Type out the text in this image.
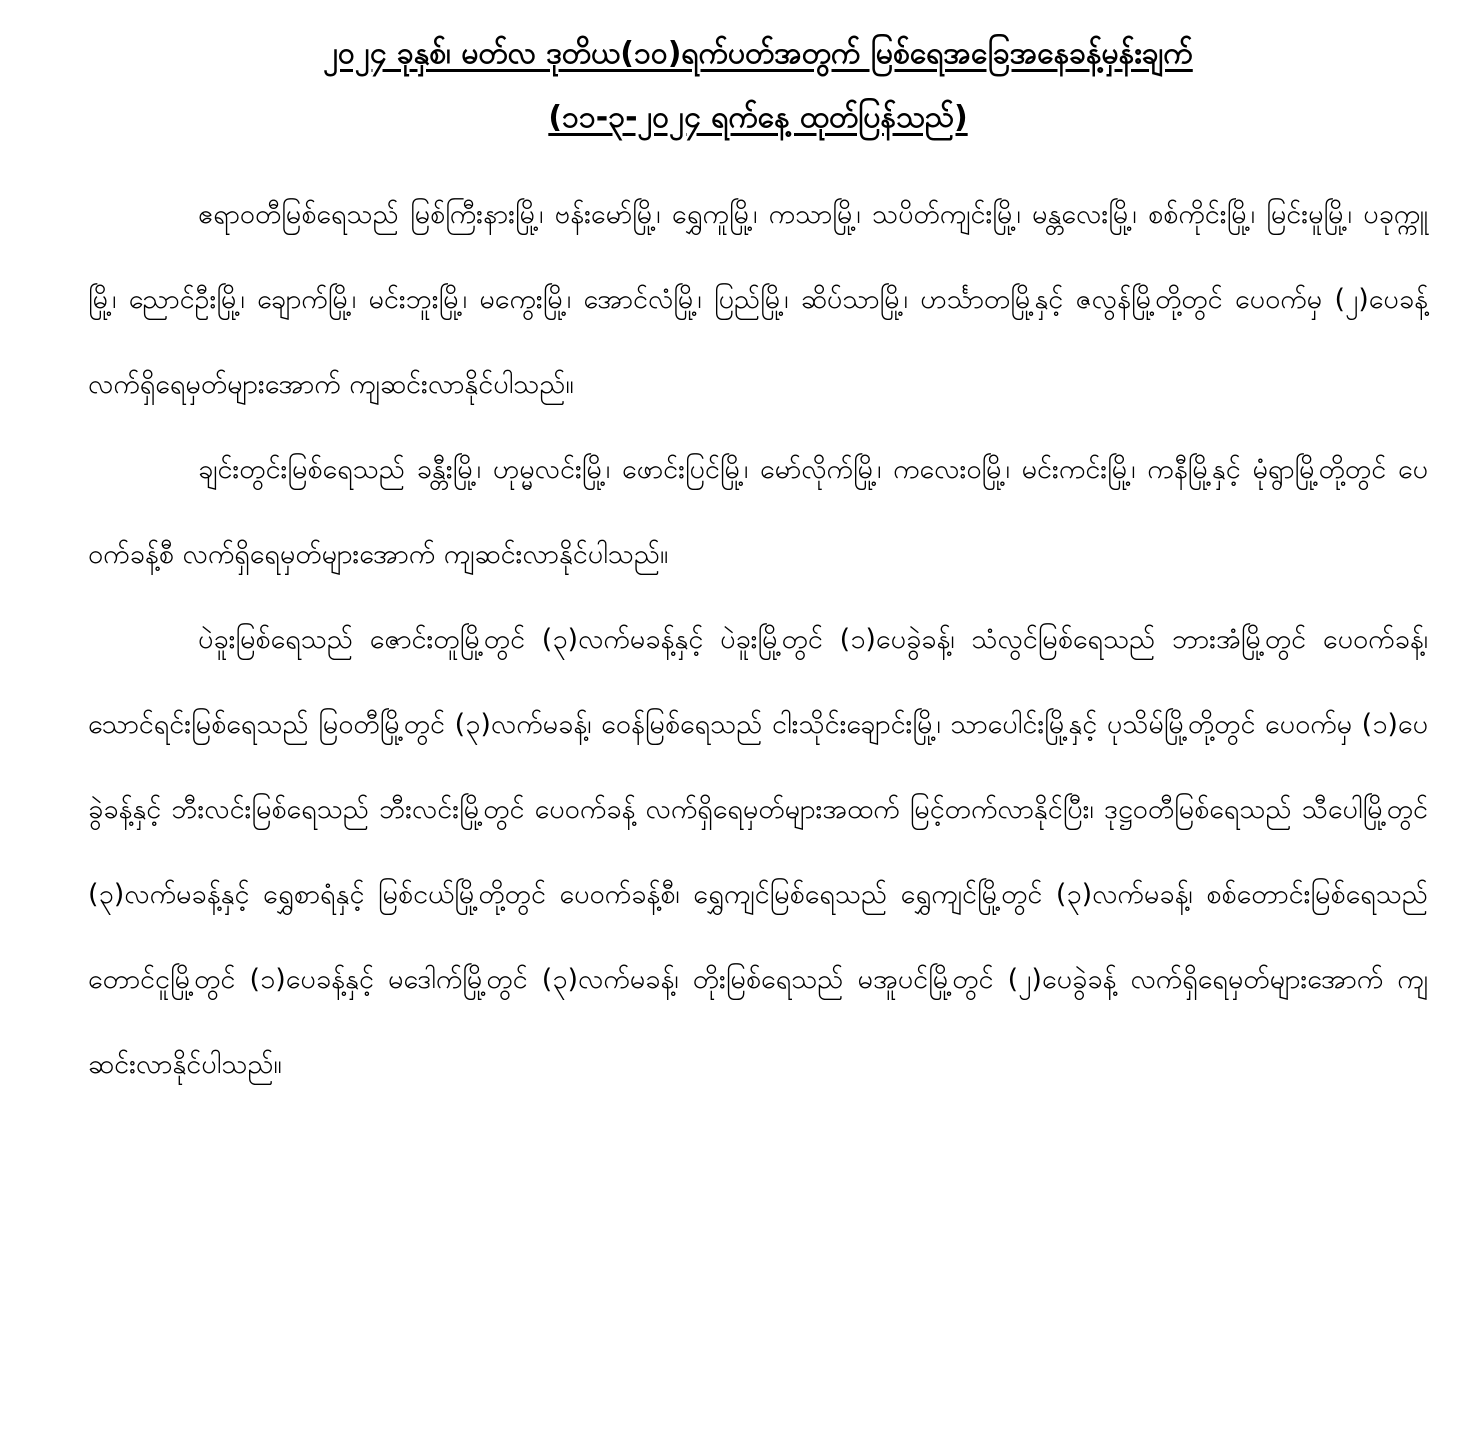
၂၀၂၄ ခုနှစ်၊ မတ်လ ဒုတိယ(၁၀)ရက်ပတ်အတွက် မြစ်ရေအခြေအနေခန့်မှန်းချက်
(၁၁-၃-၂၀၂၄ ရက်နေ့ ထုတ်ပြန်သည်)

ဧရာဝတီမြစ်ရေသည် မြစ်ကြီးနားမြို့၊ ဗန်းမော်မြို့၊ ရွှေကူမြို့၊ ကသာမြို့၊ သပိတ်ကျင်းမြို့၊ မန္တလေးမြို့၊ စစ်ကိုင်းမြို့၊ မြင်းမူမြို့၊ ပခုက္ကူမြို့၊ ညောင်ဦးမြို့၊ ချောက်မြို့၊ မင်းဘူးမြို့၊ မကွေးမြို့၊ အောင်လံမြို့၊ ပြည်မြို့၊ ဆိပ်သာမြို့၊ ဟင်္သာတမြို့နှင့် ဇလွန်မြို့တို့တွင် ပေဝက်မှ (၂)ပေခန့် လက်ရှိရေမှတ်များအောက် ကျဆင်းလာနိုင်ပါသည်။

ချင်းတွင်းမြစ်ရေသည် ခန္တီးမြို့၊ ဟုမ္မလင်းမြို့၊ ဖောင်းပြင်မြို့၊ မော်လိုက်မြို့၊ ကလေးဝမြို့၊ မင်းကင်းမြို့၊ ကနီမြို့နှင့် မုံရွာမြို့တို့တွင် ပေဝက်ခန့်စီ လက်ရှိရေမှတ်များအောက် ကျဆင်းလာနိုင်ပါသည်။

ပဲခူးမြစ်ရေသည် ဇောင်းတူမြို့တွင် (၃)လက်မခန့်နှင့် ပဲခူးမြို့တွင် (၁)ပေခွဲခန့်၊ သံလွင်မြစ်ရေသည် ဘားအံမြို့တွင် ပေဝက်ခန့်၊ သောင်ရင်းမြစ်ရေသည် မြဝတီမြို့တွင် (၃)လက်မခန့်၊ ဝေန်မြစ်ရေသည် ငါးသိုင်းချောင်းမြို့၊ သာပေါင်းမြို့နှင့် ပုသိမ်မြို့တို့တွင် ပေဝက်မှ (၁)ပေခွဲခန့်နှင့် ဘီးလင်းမြစ်ရေသည် ဘီးလင်းမြို့တွင် ပေဝက်ခန့် လက်ရှိရေမှတ်များအထက် မြင့်တက်လာနိုင်ပြီး၊ ဒုဋ္ဌဝတီမြစ်ရေသည် သီပေါမြို့တွင် (၃)လက်မခန့်နှင့် ရွှေစာရံနှင့် မြစ်ငယ်မြို့တို့တွင် ပေဝက်ခန့်စီ၊ ရွှေကျင်မြစ်ရေသည် ရွှေကျင်မြို့တွင် (၃)လက်မခန့်၊ စစ်တောင်းမြစ်ရေသည် တောင်ငူမြို့တွင် (၁)ပေခန့်နှင့် မဒေါက်မြို့တွင် (၃)လက်မခန့်၊ တိုးမြစ်ရေသည် မအူပင်မြို့တွင် (၂)ပေခွဲခန့် လက်ရှိရေမှတ်များအောက် ကျဆင်းလာနိုင်ပါသည်။
